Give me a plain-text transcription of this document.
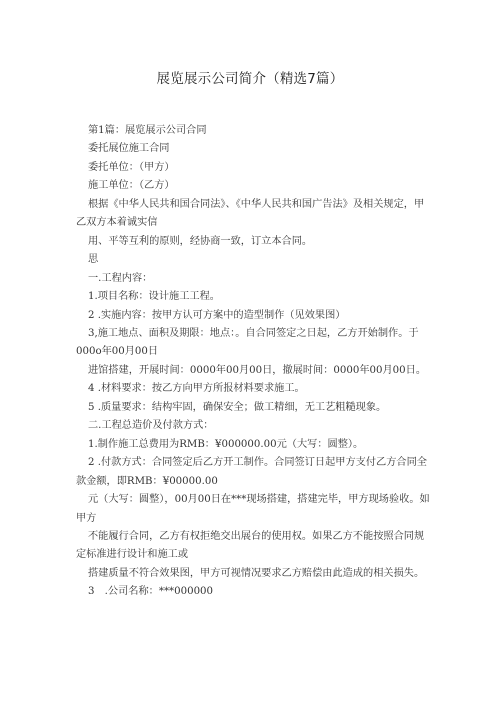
展览展示公司简介（精选7篇）

第1篇：展览展示公司合同

委托展位施工合同

委托单位：（甲方）

施工单位：（乙方）

根据《中华人民共和国合同法》、《中华人民共和国广告法》及相关规定，甲乙双方本着诚实信

用、平等互利的原则，经协商一致，订立本合同。

思

一.工程内容：

1.项目名称：设计施工工程。

2 .实施内容：按甲方认可方案中的造型制作（见效果图）

3,施工地点、面积及期限：地点：。自合同签定之日起，乙方开始制作。于000o年00月00日

进馆搭建，开展时间：0000年00月00日，撤展时间：0000年00月00日。

4 .材料要求：按乙方向甲方所报材料要求施工。

5 .质量要求：结构牢固，确保安全；做工精细，无工艺粗糙现象。

二.工程总造价及付款方式：

1.制作施工总费用为RMB：¥000000.00元（大写：圆整）。

2 .付款方式：合同签定后乙方开工制作。合同签订日起甲方支付乙方合同全款金额，即RMB：¥00000.00

元（大写：圆整），00月00日在***现场搭建，搭建完毕，甲方现场验收。如甲方

不能履行合同，乙方有权拒绝交出展台的使用权。如果乙方不能按照合同规定标准进行设计和施工或

搭建质量不符合效果图，甲方可视情况要求乙方赔偿由此造成的相关损失。

3　.公司名称：***000000
